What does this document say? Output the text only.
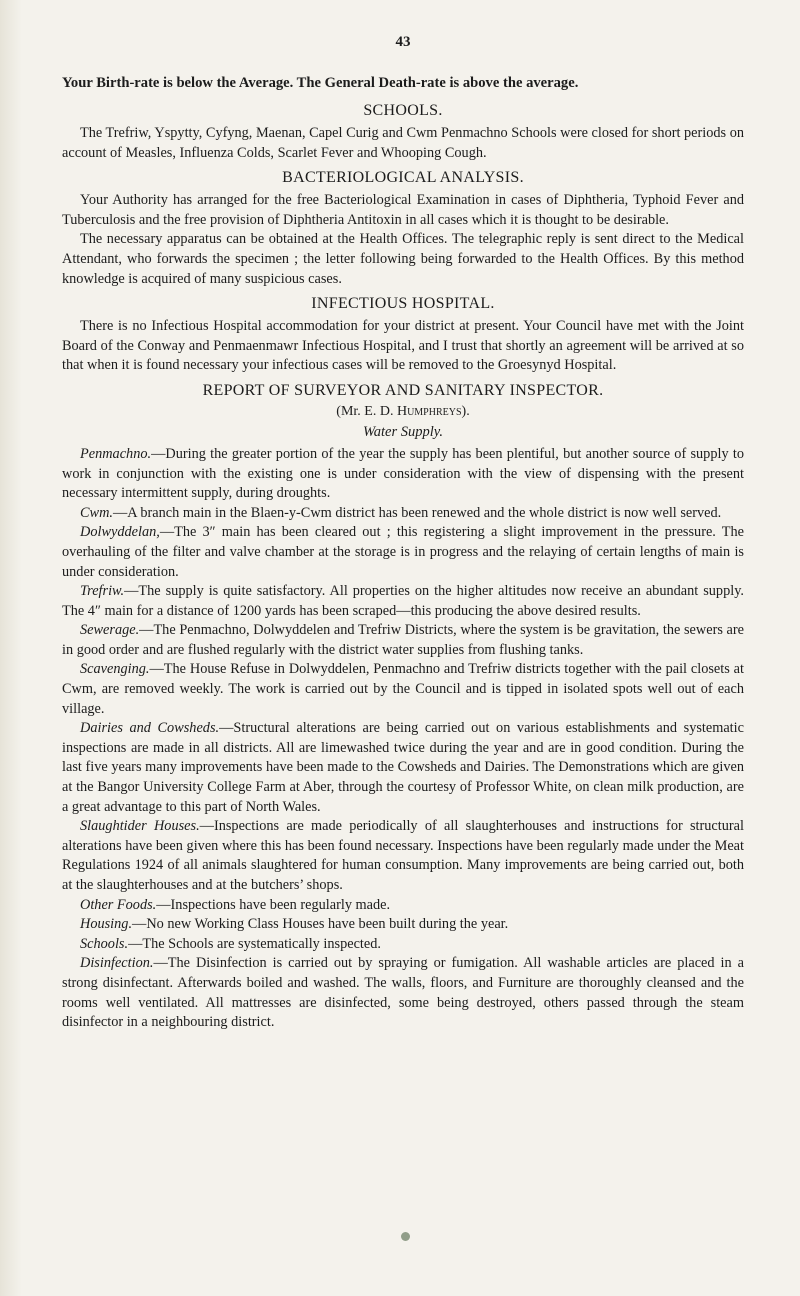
43
Your Birth-rate is below the Average. The General Death-rate is above the average.
SCHOOLS.

The Trefriw, Yspytty, Cyfyng, Maenan, Capel Curig and Cwm Penmachno Schools were closed for short periods on account of Measles, Influenza Colds, Scarlet Fever and Whooping Cough.

BACTERIOLOGICAL ANALYSIS.

Your Authority has arranged for the free Bacteriological Examination in cases of Diphtheria, Typhoid Fever and Tuberculosis and the free provision of Diphtheria Antitoxin in all cases which it is thought to be desirable.

The necessary apparatus can be obtained at the Health Offices. The telegraphic reply is sent direct to the Medical Attendant, who forwards the specimen ; the letter following being forwarded to the Health Offices. By this method knowledge is acquired of many suspicious cases.

INFECTIOUS HOSPITAL.

There is no Infectious Hospital accommodation for your district at present. Your Council have met with the Joint Board of the Conway and Penmaenmawr Infectious Hospital, and I trust that shortly an agreement will be arrived at so that when it is found necessary your infectious cases will be removed to the Groesynyd Hospital.

REPORT OF SURVEYOR AND SANITARY INSPECTOR.
(Mr. E. D. Humphreys).
Water Supply.

Penmachno.—During the greater portion of the year the supply has been plentiful, but another source of supply to work in conjunction with the existing one is under consideration with the view of dispensing with the present necessary intermittent supply, during droughts.

Cwm.—A branch main in the Blaen-y-Cwm district has been renewed and the whole district is now well served.

Dolwyddelan,—The 3″ main has been cleared out ; this registering a slight improvement in the pressure. The overhauling of the filter and valve chamber at the storage is in progress and the relaying of certain lengths of main is under consideration.

Trefriw.—The supply is quite satisfactory. All properties on the higher altitudes now receive an abundant supply. The 4″ main for a distance of 1200 yards has been scraped—this producing the above desired results.

Sewerage.—The Penmachno, Dolwyddelen and Trefriw Districts, where the system is be gravitation, the sewers are in good order and are flushed regularly with the district water supplies from flushing tanks.

Scavenging.—The House Refuse in Dolwyddelen, Penmachno and Trefriw districts together with the pail closets at Cwm, are removed weekly. The work is carried out by the Council and is tipped in isolated spots well out of each village.

Dairies and Cowsheds.—Structural alterations are being carried out on various establishments and systematic inspections are made in all districts. All are limewashed twice during the year and are in good condition. During the last five years many improvements have been made to the Cowsheds and Dairies. The Demonstrations which are given at the Bangor University College Farm at Aber, through the courtesy of Professor White, on clean milk production, are a great advantage to this part of North Wales.

Slaughtider Houses.—Inspections are made periodically of all slaughterhouses and instructions for structural alterations have been given where this has been found necessary. Inspections have been regularly made under the Meat Regulations 1924 of all animals slaughtered for human consumption. Many improvements are being carried out, both at the slaughterhouses and at the butchers’ shops.

Other Foods.—Inspections have been regularly made.

Housing.—No new Working Class Houses have been built during the year.

Schools.—The Schools are systematically inspected.

Disinfection.—The Disinfection is carried out by spraying or fumigation. All washable articles are placed in a strong disinfectant. Afterwards boiled and washed. The walls, floors, and Furniture are thoroughly cleansed and the rooms well ventilated. All mattresses are disinfected, some being destroyed, others passed through the steam disinfector in a neighbouring district.
